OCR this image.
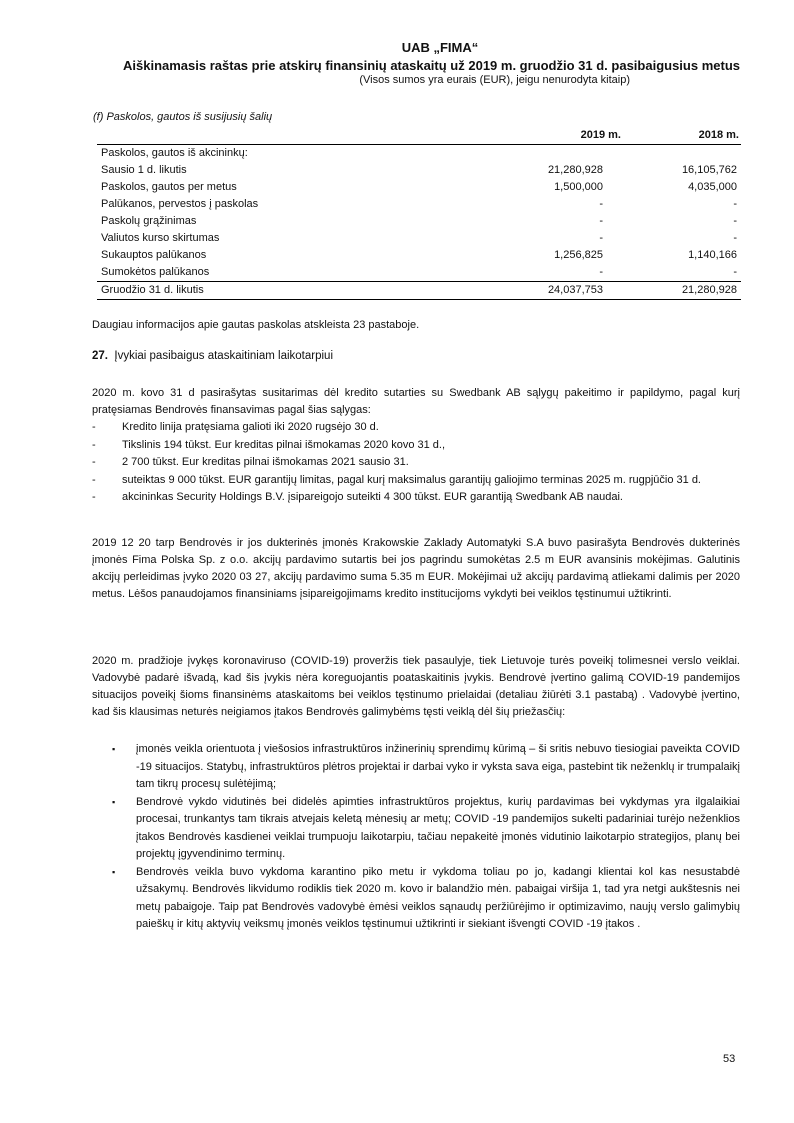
UAB „FIMA“
Aiškinamasis raštas prie atskirų finansinių ataskaitų už 2019 m. gruodžio 31 d. pasibaigusius metus
(Visos sumos yra eurais (EUR), jeigu nenurodyta kitaip)
(f) Paskolos, gautos iš susijusių šalių
	2019 m.	2018 m.
Paskolos, gautos iš akcininkų:		
Sausio 1 d. likutis	21,280,928	16,105,762
Paskolos, gautos per metus	1,500,000	4,035,000
Palūkanos, pervestos į paskolas	-	-
Paskolų grąžinimas	-	-
Valiutos kurso skirtumas	-	-
Sukauptos palūkanos	1,256,825	1,140,166
Sumokėtos palūkanos	-	-
Gruodžio 31 d. likutis	24,037,753	21,280,928
Daugiau informacijos apie gautas paskolas atskleista 23 pastaboje.
27. Įvykiai pasibaigus ataskaitiniam laikotarpiui
2020 m. kovo 31 d pasirašytas susitarimas dėl kredito sutarties su Swedbank AB sąlygų pakeitimo ir papildymo, pagal kurį pratęsiamas Bendrovės finansavimas pagal šias sąlygas:
-	Kredito linija pratęsiama galioti iki 2020 rugsėjo 30 d.
-	Tikslinis 194 tūkst. Eur kreditas pilnai išmokamas 2020 kovo 31 d.,
-	2 700 tūkst. Eur kreditas pilnai išmokamas 2021 sausio 31.
-	suteiktas 9 000 tūkst. EUR garantijų limitas, pagal kurį maksimalus garantijų galiojimo terminas 2025 m. rugpjūčio 31 d.
-	akcininkas Security Holdings B.V. įsipareigojo suteikti 4 300 tūkst. EUR garantiją Swedbank AB naudai.
2019 12 20 tarp Bendrovės ir jos dukterinės įmonės Krakowskie Zaklady Automatyki S.A buvo pasirašyta Bendrovės dukterinės įmonės Fima Polska Sp. z o.o. akcijų pardavimo sutartis bei jos pagrindu sumokėtas 2.5 m EUR avansinis mokėjimas. Galutinis akcijų perleidimas įvyko 2020 03 27, akcijų pardavimo suma 5.35 m EUR. Mokėjimai už akcijų pardavimą atliekami dalimis per 2020 metus. Lėšos panaudojamos finansiniams įsipareigojimams kredito institucijoms vykdyti bei veiklos tęstinumui užtikrinti.
2020 m. pradžioje įvykęs koronaviruso (COVID-19) proveržis tiek pasaulyje, tiek Lietuvoje turės poveikį tolimesnei verslo veiklai. Vadovybė padarė išvadą, kad šis įvykis nėra koreguojantis poataskaitinis įvykis. Bendrovė įvertino galimą COVID-19 pandemijos situacijos poveikį šioms finansinėms ataskaitoms bei veiklos tęstinumo prielaidai (detaliau žiūrėti 3.1 pastabą) . Vadovybė įvertino, kad šis klausimas neturės neigiamos įtakos Bendrovės galimybėms tęsti veiklą dėl šių priežasčių:
▪	įmonės veikla orientuota į viešosios infrastruktūros inžinerinių sprendimų kūrimą – ši sritis nebuvo tiesiogiai paveikta COVID -19 situacijos. Statybų, infrastruktūros plėtros projektai ir darbai vyko ir vyksta sava eiga, pastebint tik neženklų ir trumpalaikį tam tikrų procesų sulėtėjimą;
▪	Bendrovė vykdo vidutinės bei didelės apimties infrastruktūros projektus, kurių pardavimas bei vykdymas yra ilgalaikiai procesai, trunkantys tam tikrais atvejais keletą mėnesių ar metų; COVID -19 pandemijos sukelti padariniai turėjo neženklios įtakos Bendrovės kasdienei veiklai trumpuoju laikotarpiu, tačiau nepakeitė įmonės vidutinio laikotarpio strategijos, planų bei projektų įgyvendinimo terminų.
▪	Bendrovės veikla buvo vykdoma karantino piko metu ir vykdoma toliau po jo, kadangi klientai kol kas nesustabdė užsakymų. Bendrovės likvidumo rodiklis tiek 2020 m. kovo ir balandžio mėn. pabaigai viršija 1, tad yra netgi aukštesnis nei metų pabaigoje. Taip pat Bendrovės vadovybė ėmėsi veiklos sąnaudų peržiūrėjimo ir optimizavimo, naujų verslo galimybių paieškų ir kitų aktyvių veiksmų įmonės veiklos tęstinumui užtikrinti ir siekiant išvengti COVID -19 įtakos .
53
